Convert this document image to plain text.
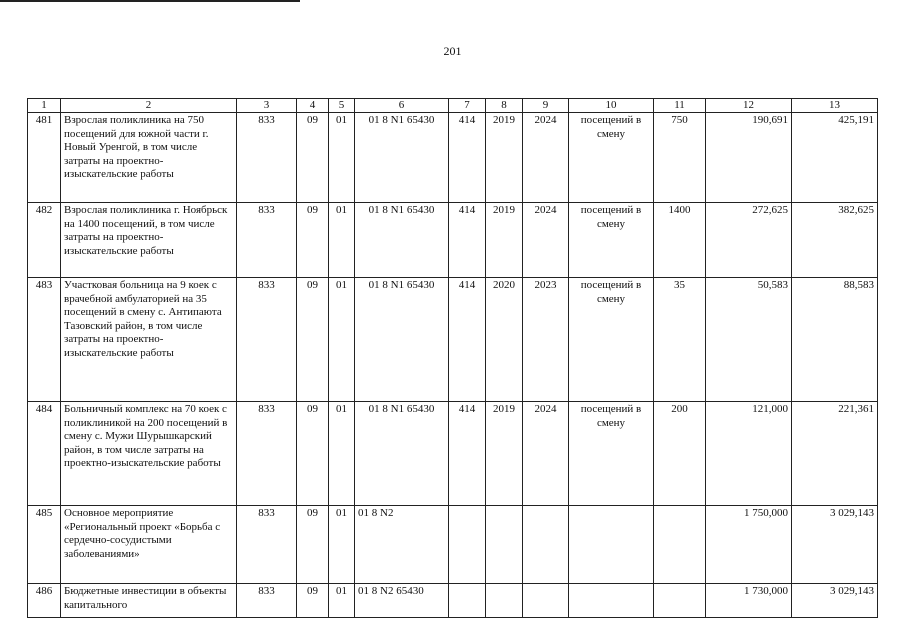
201
1	2	3	4	5	6	7	8	9	10	11	12	13
481	Взрослая поликлиника на 750 посещений для южной части г. Новый Уренгой, в том числе затраты на проектно-изыскательские работы	833	09	01	01 8 N1 65430	414	2019	2024	посещений в смену	750	190,691	425,191
482	Взрослая поликлиника г. Ноябрьск на 1400 посещений, в том числе затраты на проектно-изыскательские работы	833	09	01	01 8 N1 65430	414	2019	2024	посещений в смену	1400	272,625	382,625
483	Участковая больница на 9 коек с врачебной амбулаторией на 35 посещений в смену с. Антипаюта Тазовский район, в том числе затраты на проектно-изыскательские работы	833	09	01	01 8 N1 65430	414	2020	2023	посещений в смену	35	50,583	88,583
484	Больничный комплекс на 70 коек с поликлиникой на 200 посещений в смену с. Мужи Шурышкарский район, в том числе затраты на проектно-изыскательские работы	833	09	01	01 8 N1 65430	414	2019	2024	посещений в смену	200	121,000	221,361
485	Основное мероприятие «Региональный проект «Борьба с сердечно-сосудистыми заболеваниями»	833	09	01	01 8 N2						1 750,000	3 029,143
486	Бюджетные инвестиции в объекты капитального	833	09	01	01 8 N2 65430						1 730,000	3 029,143
